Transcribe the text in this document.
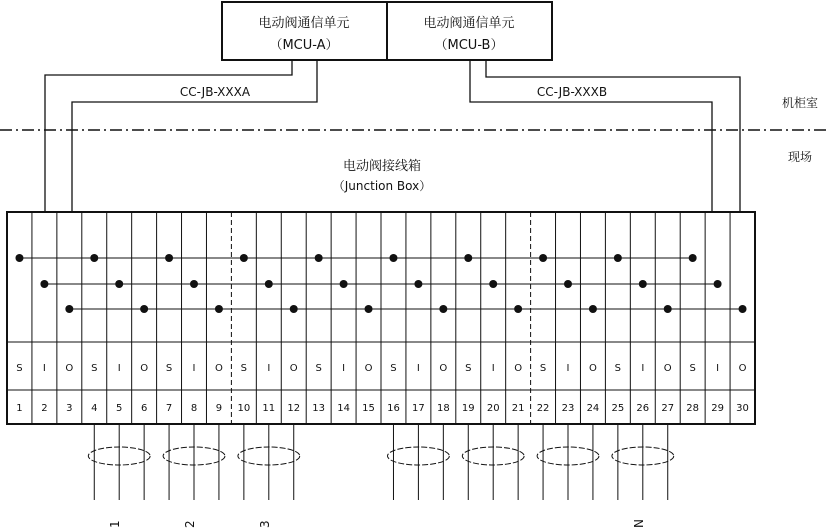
电动阀通信单元
（MCU-A）
电动阀通信单元
（MCU-B）
CC-JB-XXXA	CC-JB-XXXB
机柜室
现场
电动阀接线箱
（Junction Box）
S I O S I O S I O S I O S I O S I O S I O S I O S I O S I O
1 2 3 4 5 6 7 8 9 10 11 12 13 14 15 16 17 18 19 20 21 22 23 24 25 26 27 28 29 30
1	2	3	N
